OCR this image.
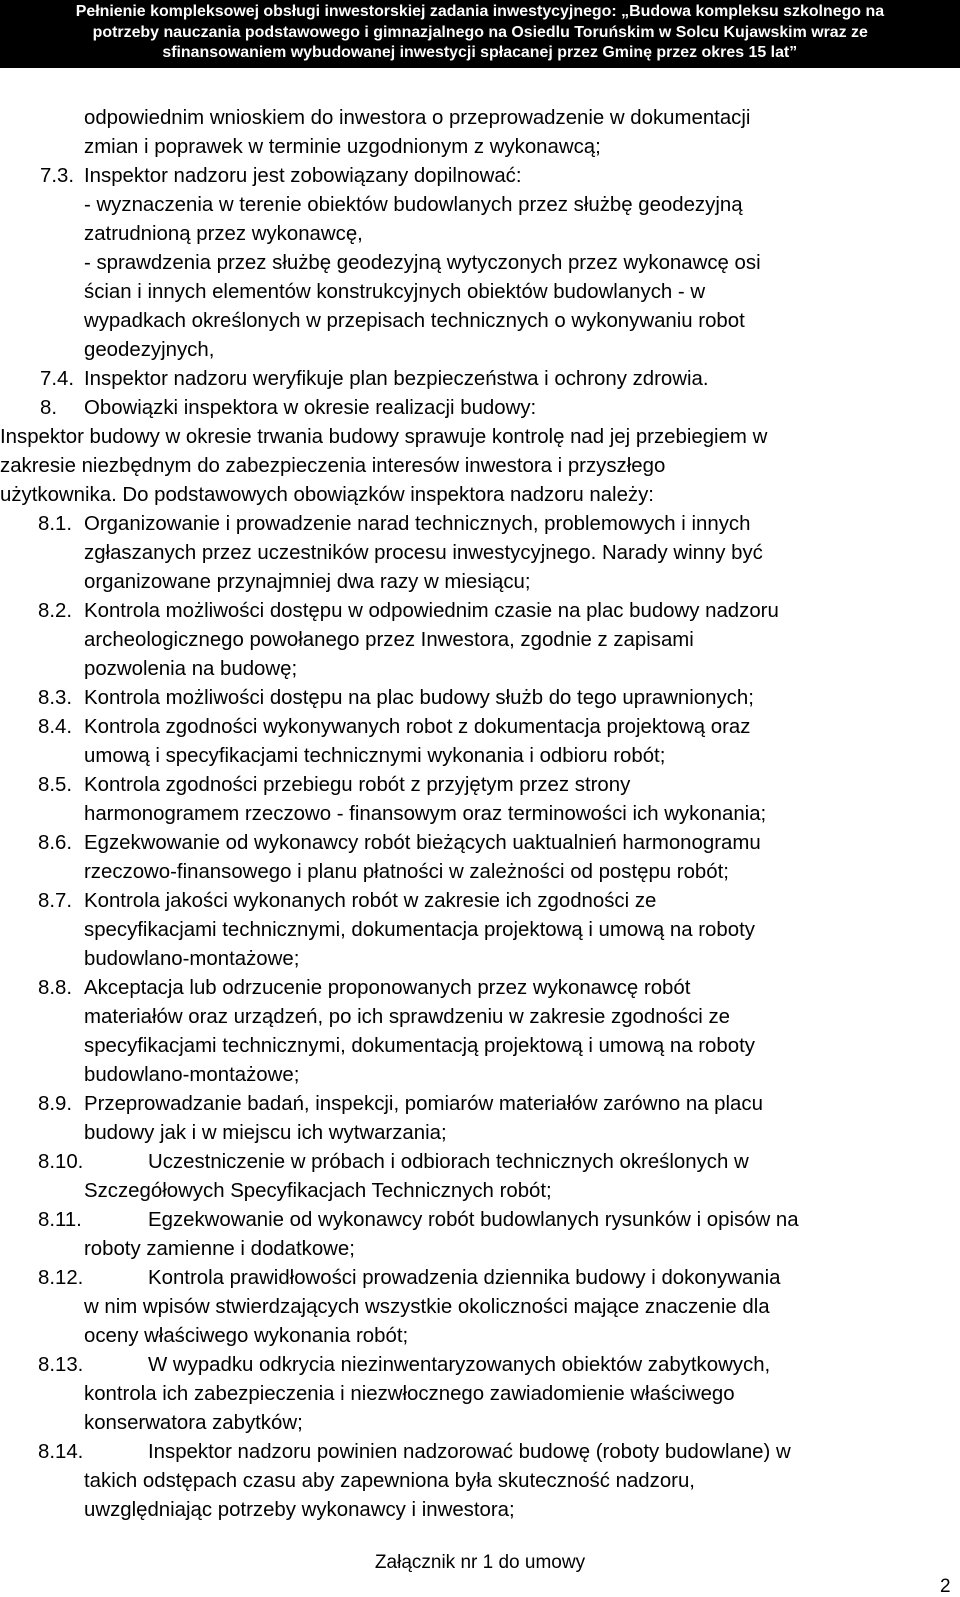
Pełnienie kompleksowej obsługi inwestorskiej zadania inwestycyjnego: „Budowa kompleksu szkolnego na potrzeby nauczania podstawowego i gimnazjalnego na Osiedlu Toruńskim w Solcu Kujawskim wraz ze sfinansowaniem wybudowanej inwestycji spłacanej przez Gminę przez okres 15 lat”
odpowiednim wnioskiem do inwestora o przeprowadzenie w dokumentacji
zmian i poprawek w terminie uzgodnionym z wykonawcą;
7.3. Inspektor nadzoru jest zobowiązany dopilnować:
- wyznaczenia w terenie obiektów budowlanych przez służbę geodezyjną
zatrudnioną przez wykonawcę,
- sprawdzenia przez służbę geodezyjną wytyczonych przez wykonawcę osi
ścian i innych elementów konstrukcyjnych obiektów budowlanych - w
wypadkach określonych w przepisach technicznych o wykonywaniu robot
geodezyjnych,
7.4. Inspektor nadzoru weryfikuje plan bezpieczeństwa i ochrony zdrowia.
8. Obowiązki inspektora w okresie realizacji budowy:
Inspektor budowy w okresie trwania budowy sprawuje kontrolę nad jej przebiegiem w
zakresie niezbędnym do zabezpieczenia interesów inwestora i przyszłego
użytkownika. Do podstawowych obowiązków inspektora nadzoru należy:
8.1. Organizowanie i prowadzenie narad technicznych, problemowych i innych
zgłaszanych przez uczestników procesu inwestycyjnego. Narady winny być
organizowane przynajmniej dwa razy w miesiącu;
8.2. Kontrola możliwości dostępu w odpowiednim czasie na plac budowy nadzoru
archeologicznego powołanego przez Inwestora, zgodnie z zapisami
pozwolenia na budowę;
8.3. Kontrola możliwości dostępu na plac budowy służb do tego uprawnionych;
8.4. Kontrola zgodności wykonywanych robot z dokumentacja projektową oraz
umową i specyfikacjami technicznymi wykonania i odbioru robót;
8.5. Kontrola zgodności przebiegu robót z przyjętym przez strony
harmonogramem rzeczowo - finansowym oraz terminowości ich wykonania;
8.6. Egzekwowanie od wykonawcy robót bieżących uaktualnień harmonogramu
rzeczowo-finansowego i planu płatności w zależności od postępu robót;
8.7. Kontrola jakości wykonanych robót w zakresie ich zgodności ze
specyfikacjami technicznymi, dokumentacja projektową i umową na roboty
budowlano-montażowe;
8.8. Akceptacja lub odrzucenie proponowanych przez wykonawcę robót
materiałów oraz urządzeń, po ich sprawdzeniu w zakresie zgodności ze
specyfikacjami technicznymi, dokumentacją projektową i umową na roboty
budowlano-montażowe;
8.9. Przeprowadzanie badań, inspekcji, pomiarów materiałów zarówno na placu
budowy jak i w miejscu ich wytwarzania;
8.10.	Uczestniczenie w próbach i odbiorach technicznych określonych w
Szczegółowych Specyfikacjach Technicznych robót;
8.11.	Egzekwowanie od wykonawcy robót budowlanych rysunków i opisów na
roboty zamienne i dodatkowe;
8.12.	Kontrola prawidłowości prowadzenia dziennika budowy i dokonywania
w nim wpisów stwierdzających wszystkie okoliczności mające znaczenie dla
oceny właściwego wykonania robót;
8.13.	W wypadku odkrycia niezinwentaryzowanych obiektów zabytkowych,
kontrola ich zabezpieczenia i niezwłocznego zawiadomienie właściwego
konserwatora zabytków;
8.14.	Inspektor nadzoru powinien nadzorować budowę (roboty budowlane) w
takich odstępach czasu aby zapewniona była skuteczność nadzoru,
uwzględniając potrzeby wykonawcy i inwestora;
Załącznik nr 1 do umowy
2
